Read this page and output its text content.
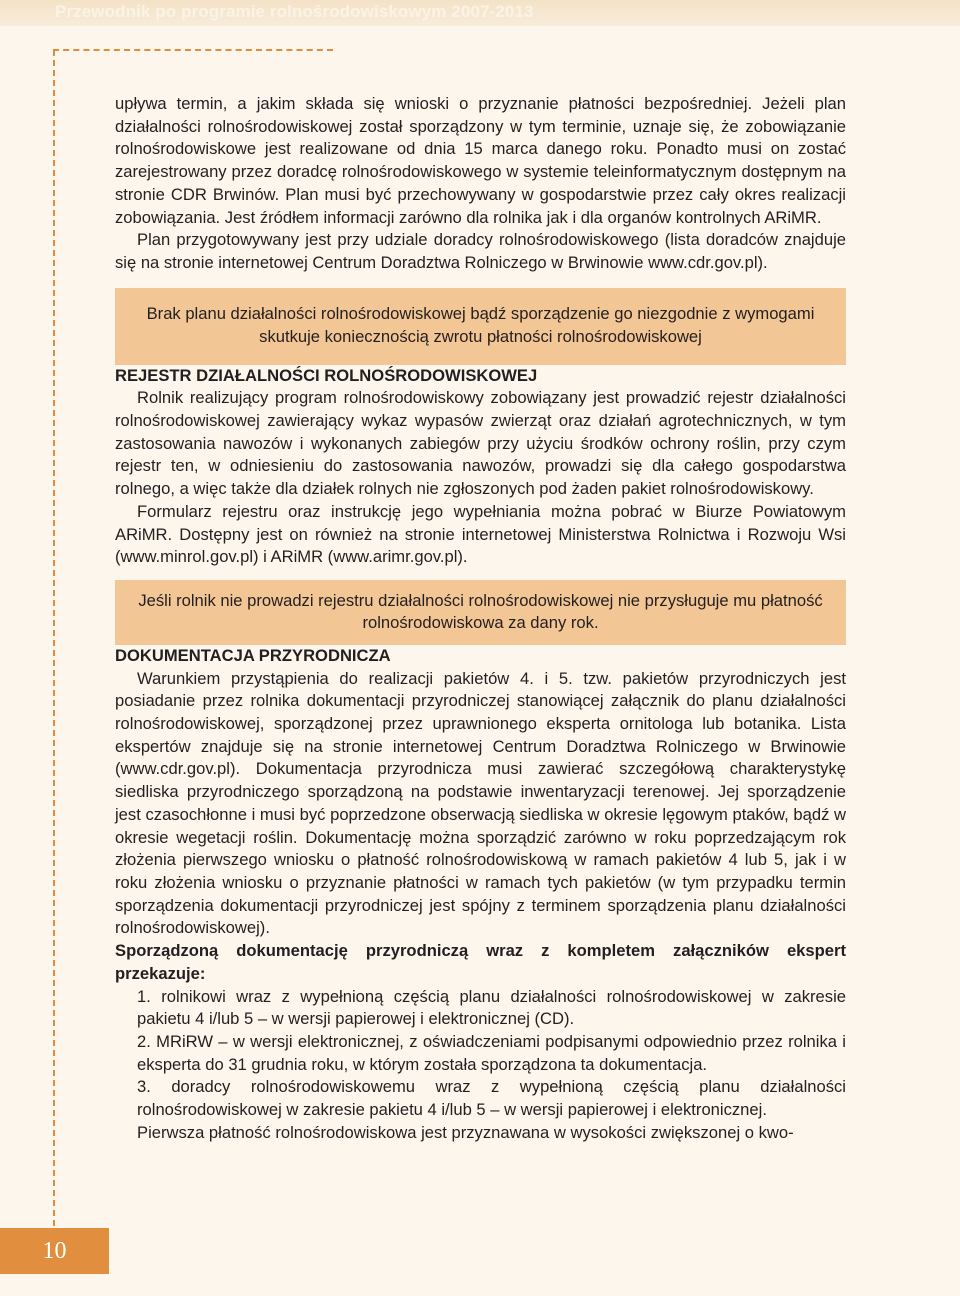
Przewodnik po programie rolnośrodowiskowym 2007-2013

upływa termin, a jakim składa się wnioski o przyznanie płatności bezpośredniej. Jeżeli plan działalności rolnośrodowiskowej został sporządzony w tym terminie, uznaje się, że zobowiązanie rolnośrodowiskowe jest realizowane od dnia 15 marca danego roku. Ponadto musi on zostać zarejestrowany przez doradcę rolnośrodowiskowego w systemie teleinformatycznym dostępnym na stronie CDR Brwinów. Plan musi być przechowywany w gospodarstwie przez cały okres realizacji zobowiązania. Jest źródłem informacji zarówno dla rolnika jak i dla organów kontrolnych ARiMR.

Plan przygotowywany jest przy udziale doradcy rolnośrodowiskowego (lista doradców znajduje się na stronie internetowej Centrum Doradztwa Rolniczego w Brwinowie www.cdr.gov.pl).

Brak planu działalności rolnośrodowiskowej bądź sporządzenie go niezgodnie z wymogami skutkuje koniecznością zwrotu płatności rolnośrodowiskowej

REJESTR DZIAŁALNOŚCI ROLNOŚRODOWISKOWEJ

Rolnik realizujący program rolnośrodowiskowy zobowiązany jest prowadzić rejestr działalności rolnośrodowiskowej zawierający wykaz wypasów zwierząt oraz działań agrotechnicznych, w tym zastosowania nawozów i wykonanych zabiegów przy użyciu środków ochrony roślin, przy czym rejestr ten, w odniesieniu do zastosowania nawozów, prowadzi się dla całego gospodarstwa rolnego, a więc także dla działek rolnych nie zgłoszonych pod żaden pakiet rolnośrodowiskowy.

Formularz rejestru oraz instrukcję jego wypełniania można pobrać w Biurze Powiatowym ARiMR. Dostępny jest on również na stronie internetowej Ministerstwa Rolnictwa i Rozwoju Wsi (www.minrol.gov.pl) i ARiMR (www.arimr.gov.pl).

Jeśli rolnik nie prowadzi rejestru działalności rolnośrodowiskowej nie przysługuje mu płatność rolnośrodowiskowa za dany rok.

DOKUMENTACJA PRZYRODNICZA

Warunkiem przystąpienia do realizacji pakietów 4. i 5. tzw. pakietów przyrodniczych jest posiadanie przez rolnika dokumentacji przyrodniczej stanowiącej załącznik do planu działalności rolnośrodowiskowej, sporządzonej przez uprawnionego eksperta ornitologa lub botanika. Lista ekspertów znajduje się na stronie internetowej Centrum Doradztwa Rolniczego w Brwinowie (www.cdr.gov.pl). Dokumentacja przyrodnicza musi zawierać szczegółową charakterystykę siedliska przyrodniczego sporządzoną na podstawie inwentaryzacji terenowej. Jej sporządzenie jest czasochłonne i musi być poprzedzone obserwacją siedliska w okresie lęgowym ptaków, bądź w okresie wegetacji roślin. Dokumentację można sporządzić zarówno w roku poprzedzającym rok złożenia pierwszego wniosku o płatność rolnośrodowiskową w ramach pakietów 4 lub 5, jak i w roku złożenia wniosku o przyznanie płatności w ramach tych pakietów (w tym przypadku termin sporządzenia dokumentacji przyrodniczej jest spójny z terminem sporządzenia planu działalności rolnośrodowiskowej).

Sporządzoną dokumentację przyrodniczą wraz z kompletem załączników ekspert przekazuje:

1. rolnikowi wraz z wypełnioną częścią planu działalności rolnośrodowiskowej w zakresie pakietu 4 i/lub 5 – w wersji papierowej i elektronicznej (CD).

2. MRiRW – w wersji elektronicznej, z oświadczeniami podpisanymi odpowiednio przez rolnika i eksperta do 31 grudnia roku, w którym została sporządzona ta dokumentacja.

3. doradcy rolnośrodowiskowemu wraz z wypełnioną częścią planu działalności rolnośrodowiskowej w zakresie pakietu 4 i/lub 5 – w wersji papierowej i elektronicznej.

Pierwsza płatność rolnośrodowiskowa jest przyznawana w wysokości zwiększonej o kwo-

10
